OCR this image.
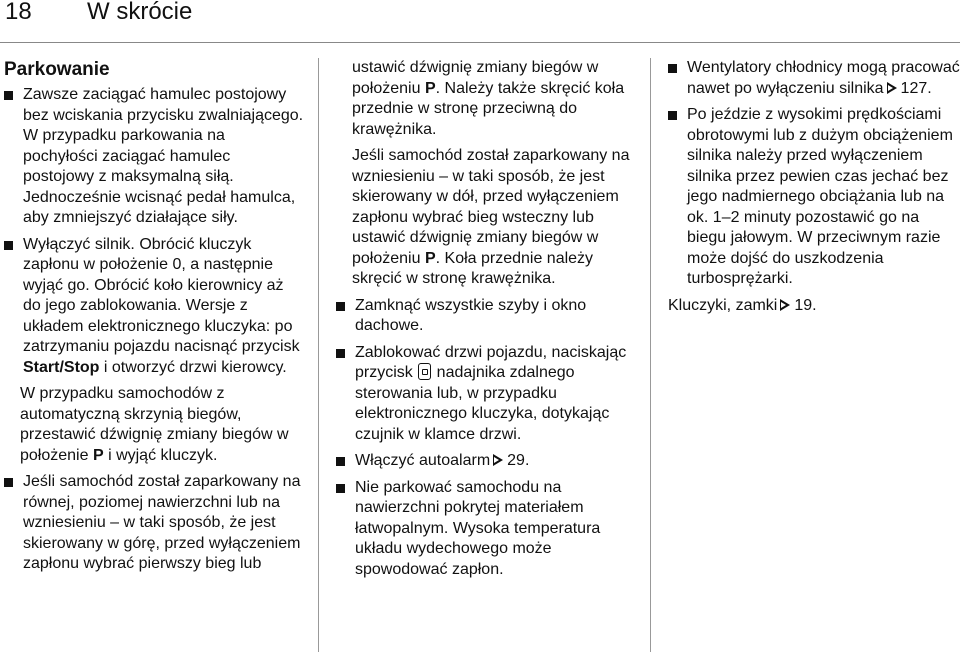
18 W skrócie
Parkowanie
Zawsze zaciągać hamulec postojowy bez wciskania przycisku zwalniającego. W przypadku parkowania na pochyłości zaciągać hamulec postojowy z maksymalną siłą. Jednocześnie wcisnąć pedał hamulca, aby zmniejszyć działające siły.
Wyłączyć silnik. Obrócić kluczyk zapłonu w położenie 0, a następnie wyjąć go. Obrócić koło kierownicy aż do jego zablokowania. Wersje z układem elektronicznego kluczyka: po zatrzymaniu pojazdu nacisnąć przycisk Start/Stop i otworzyć drzwi kierowcy.
W przypadku samochodów z automatyczną skrzynią biegów, przestawić dźwignię zmiany biegów w położenie P i wyjąć kluczyk.
Jeśli samochód został zaparkowany na równej, poziomej nawierzchni lub na wzniesieniu – w taki sposób, że jest skierowany w górę, przed wyłączeniem zapłonu wybrać pierwszy bieg lub
ustawić dźwignię zmiany biegów w położeniu P. Należy także skręcić koła przednie w stronę przeciwną do krawężnika.
Jeśli samochód został zaparkowany na wzniesieniu – w taki sposób, że jest skierowany w dół, przed wyłączeniem zapłonu wybrać bieg wsteczny lub ustawić dźwignię zmiany biegów w położeniu P. Koła przednie należy skręcić w stronę krawężnika.
Zamknąć wszystkie szyby i okno dachowe.
Zablokować drzwi pojazdu, naciskając przycisk  nadajnika zdalnego sterowania lub, w przypadku elektronicznego kluczyka, dotykając czujnik w klamce drzwi.
Włączyć autoalarm 29.
Nie parkować samochodu na nawierzchni pokrytej materiałem łatwopalnym. Wysoka temperatura układu wydechowego może spowodować zapłon.
Wentylatory chłodnicy mogą pracować nawet po wyłączeniu silnika 127.
Po jeździe z wysokimi prędkościami obrotowymi lub z dużym obciążeniem silnika należy przed wyłączeniem silnika przez pewien czas jechać bez jego nadmiernego obciążania lub na ok. 1–2 minuty pozostawić go na biegu jałowym. W przeciwnym razie może dojść do uszkodzenia turbosprężarki.
Kluczyki, zamki 19.
